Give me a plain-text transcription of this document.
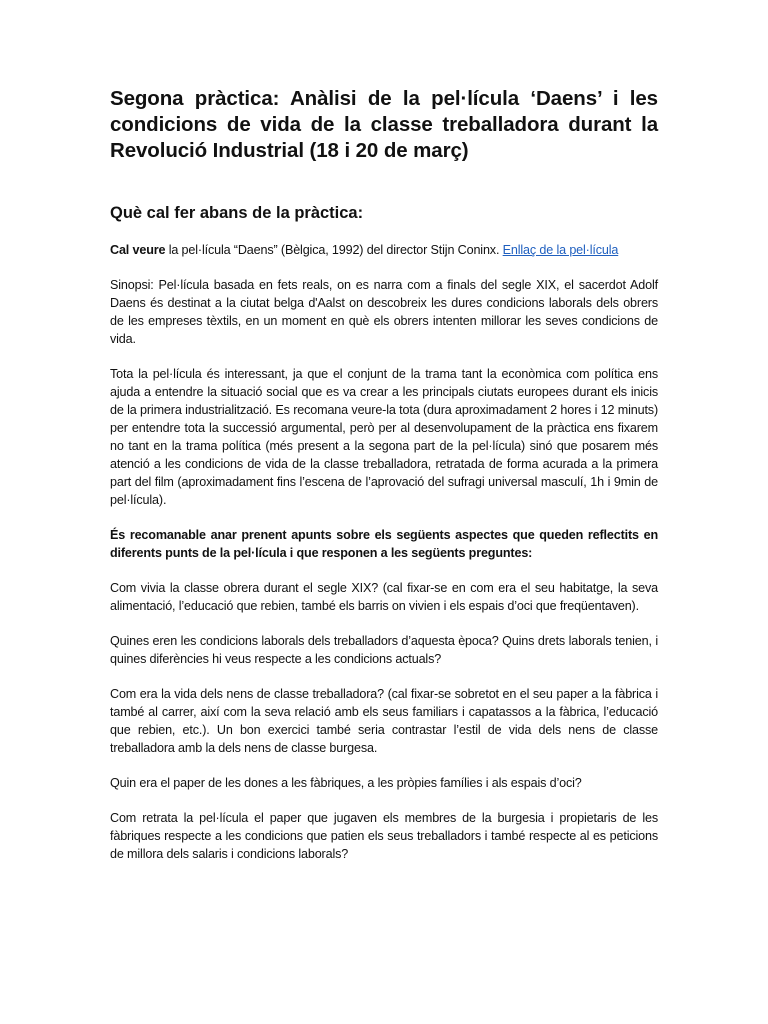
Segona pràctica: Anàlisi de la pel·lícula ‘Daens’ i les condicions de vida de la classe treballadora durant la Revolució Industrial (18 i 20 de març)
Què cal fer abans de la pràctica:

Cal veure la pel·lícula “Daens” (Bèlgica, 1992) del director Stijn Coninx. Enllaç de la pel·lícula

Sinopsi: Pel·lícula basada en fets reals, on es narra com a finals del segle XIX, el sacerdot Adolf Daens és destinat a la ciutat belga d'Aalst on descobreix les dures condicions laborals dels obrers de les empreses tèxtils, en un moment en què els obrers intenten millorar les seves condicions de vida.

Tota la pel·lícula és interessant, ja que el conjunt de la trama tant la econòmica com política ens ajuda a entendre la situació social que es va crear a les principals ciutats europees durant els inicis de la primera industrialització. Es recomana veure-la tota (dura aproximadament 2 hores i 12 minuts) per entendre tota la successió argumental, però per al desenvolupament de la pràctica ens fixarem no tant en la trama política (més present a la segona part de la pel·lícula) sinó que posarem més atenció a les condicions de vida de la classe treballadora, retratada de forma acurada a la primera part del film (aproximadament fins l’escena de l’aprovació del sufragi universal masculí, 1h i 9min de pel·lícula).

És recomanable anar prenent apunts sobre els següents aspectes que queden reflectits en diferents punts de la pel·lícula i que responen a les següents preguntes:

Com vivia la classe obrera durant el segle XIX? (cal fixar-se en com era el seu habitatge, la seva alimentació, l’educació que rebien, també els barris on vivien i els espais d’oci que freqüentaven).

Quines eren les condicions laborals dels treballadors d’aquesta època? Quins drets laborals tenien, i quines diferències hi veus respecte a les condicions actuals?

Com era la vida dels nens de classe treballadora? (cal fixar-se sobretot en el seu paper a la fàbrica i també al carrer, així com la seva relació amb els seus familiars i capatassos a la fàbrica, l’educació que rebien, etc.). Un bon exercici també seria contrastar l’estil de vida dels nens de classe treballadora amb la dels nens de classe burgesa.

Quin era el paper de les dones a les fàbriques, a les pròpies famílies i als espais d’oci?

Com retrata la pel·lícula el paper que jugaven els membres de la burgesia i propietaris de les fàbriques respecte a les condicions que patien els seus treballadors i també respecte al es peticions de millora dels salaris i condicions laborals?
